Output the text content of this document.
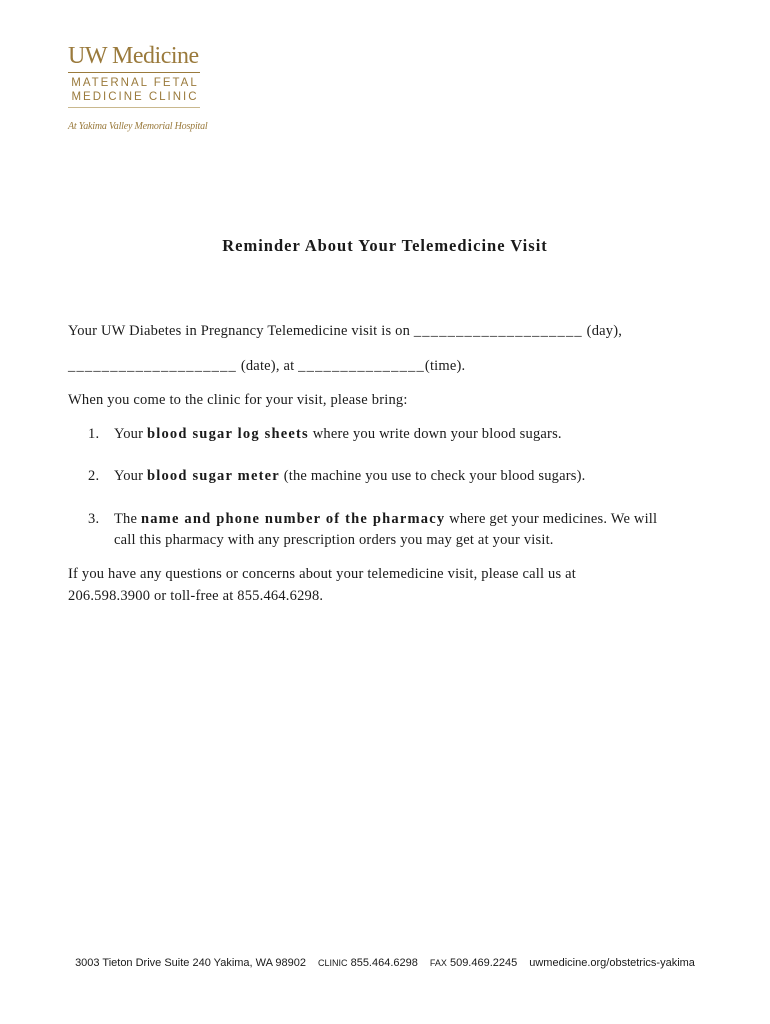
UW Medicine
MATERNAL FETAL
MEDICINE CLINIC
At Yakima Valley Memorial Hospital
Reminder About Your Telemedicine Visit
Your UW Diabetes in Pregnancy Telemedicine visit is on ____________________ (day),
____________________ (date), at _______________(time).
When you come to the clinic for your visit, please bring:
1. Your blood sugar log sheets where you write down your blood sugars.
2. Your blood sugar meter (the machine you use to check your blood sugars).
3. The name and phone number of the pharmacy where get your medicines. We will
call this pharmacy with any prescription orders you may get at your visit.
If you have any questions or concerns about your telemedicine visit, please call us at
206.598.3900 or toll-free at 855.464.6298.
3003 Tieton Drive Suite 240 Yakima, WA 98902 CLINIC 855.464.6298 FAX 509.469.2245 uwmedicine.org/obstetrics-yakima
